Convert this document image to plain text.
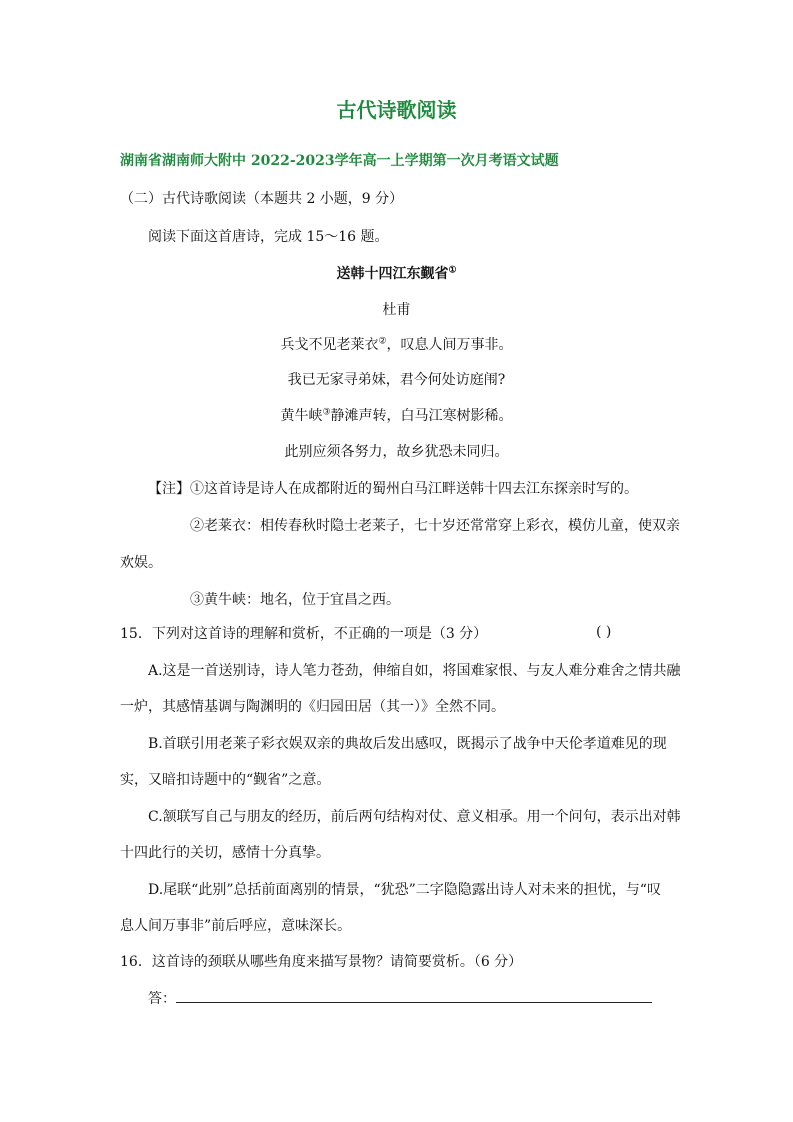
古代诗歌阅读
湖南省湖南师大附中 2022-2023学年高一上学期第一次月考语文试题
（二）古代诗歌阅读（本题共 2 小题，9 分）
阅读下面这首唐诗，完成 15～16 题。
送韩十四江东觐省①
杜甫
兵戈不见老莱衣②，叹息人间万事非。
我已无家寻弟妹，君今何处访庭闱?
黄牛峡③静滩声转，白马江寒树影稀。
此别应须各努力，故乡犹恐未同归。
【注】①这首诗是诗人在成都附近的蜀州白马江畔送韩十四去江东探亲时写的。
②老莱衣：相传春秋时隐士老莱子，七十岁还常常穿上彩衣，模仿儿童，使双亲
欢娱。
③黄牛峡：地名，位于宜昌之西。
15．下列对这首诗的理解和赏析，不正确的一项是（3 分）	( )
A.这是一首送别诗，诗人笔力苍劲，伸缩自如，将国难家恨、与友人难分难舍之情共融
一炉，其感情基调与陶渊明的《归园田居（其一）》全然不同。
B.首联引用老莱子彩衣娱双亲的典故后发出感叹，既揭示了战争中天伦孝道难见的现
实，又暗扣诗题中的“觐省”之意。
C.颔联写自己与朋友的经历，前后两句结构对仗、意义相承。用一个问句，表示出对韩
十四此行的关切，感情十分真挚。
D.尾联“此别”总括前面离别的情景，“犹恐”二字隐隐露出诗人对未来的担忧，与“叹
息人间万事非”前后呼应，意味深长。
16．这首诗的颈联从哪些角度来描写景物？请简要赏析。（6 分）
答：
